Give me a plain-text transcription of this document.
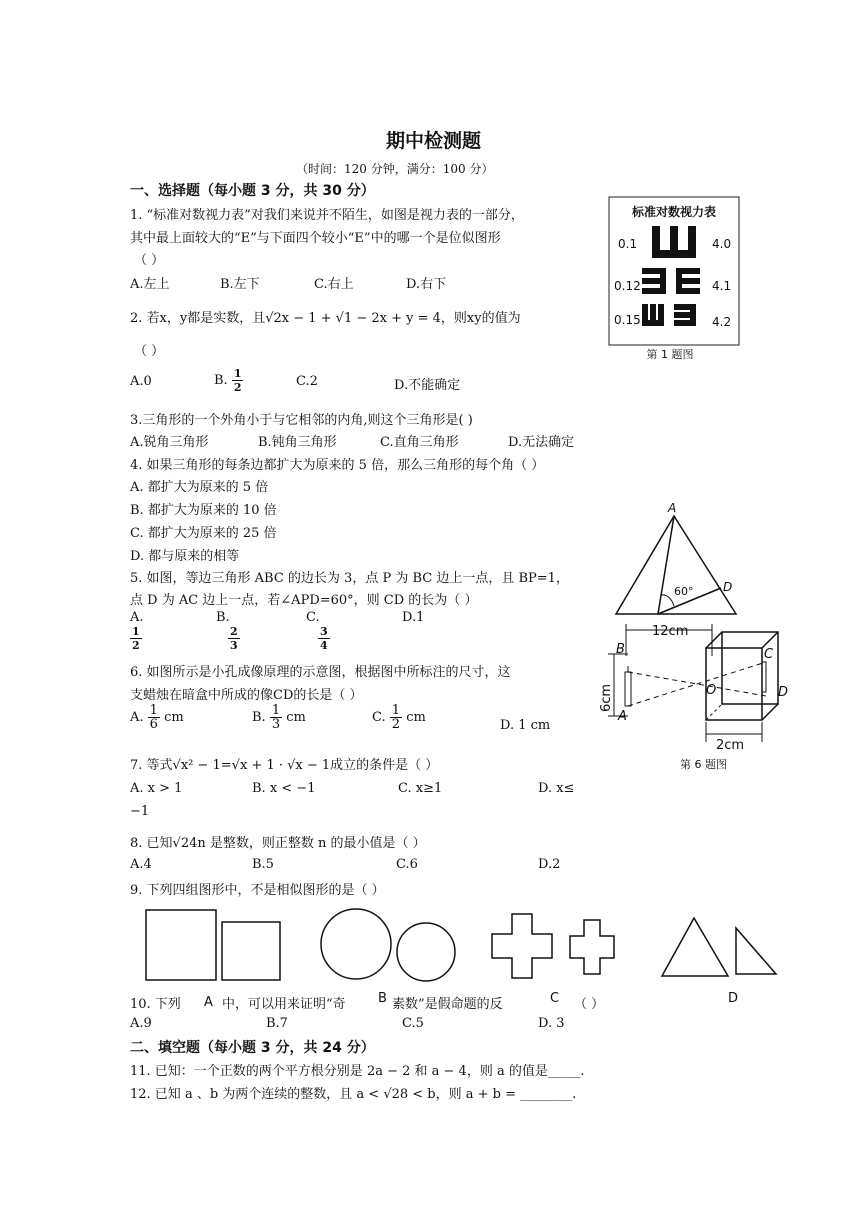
期中检测题
（时间：120 分钟，满分：100 分）
一、选择题（每小题 3 分，共 30 分）
1. “标准对数视力表”对我们来说并不陌生，如图是视力表的一部分，
其中最上面较大的“E”与下面四个较小“E”中的哪一个是位似图形
（ ）
A.左上	B.左下	C.右上	D.右下
标准对数视力表
0.1	4.0
0.12	4.1
0.15	4.2
第 1 题图
2. 若x，y都是实数，且√2x − 1 + √1 − 2x + y = 4，则xy的值为
（ ）
A.0	B. $\frac{1}{2}$	C.2	D.不能确定
3.三角形的一个外角小于与它相邻的内角,则这个三角形是( )
A.锐角三角形	B.钝角三角形	C.直角三角形	D.无法确定
4. 如果三角形的每条边都扩大为原来的 5 倍，那么三角形的每个角（ ）
A. 都扩大为原来的 5 倍
B. 都扩大为原来的 10 倍
C. 都扩大为原来的 25 倍
D. 都与原来的相等
A
60° D
5. 如图，等边三角形 ABC 的边长为 3，点 P 为 BC 边上一点，且 BP=1，
点 D 为 AC 边上一点，若∠APD=60°，则 CD 的长为（ ）
A.

$\frac{1}{2}$
B.

$\frac{2}{3}$
C.

$\frac{3}{4}$
D.1
12cm
6cm
B
A
O
C
D
2cm
第 6 题图
6. 如图所示是小孔成像原理的示意图，根据图中所标注的尺寸，这
支蜡烛在暗盒中所成的像CD的长是（ ）
A. $\frac{1}{6}$ cm	B. $\frac{1}{3}$ cm	C. $\frac{1}{2}$ cm
D. 1 cm
7. 等式√x² − 1=√x + 1 · √x − 1成立的条件是（ ）
A. x > 1	B. x < −1	C. x≥1	D. x≤
−1
8. 已知√24n 是整数，则正整数 n 的最小值是（ ）
A.4	B.5	C.6	D.2
9. 下列四组图形中，不是相似图形的是（ ）
A	B	C	D
10. 下列	中，可以用来证明“奇	素数”是假命题的反	（ ）
A.9	B.7	C.5	D. 3
二、填空题（每小题 3 分，共 24 分）
11. 已知：一个正数的两个平方根分别是 2a − 2 和 a − 4，则 a 的值是_____.
12. 已知 a 、b 为两个连续的整数，且 a < √28 < b，则 a + b = ________.
